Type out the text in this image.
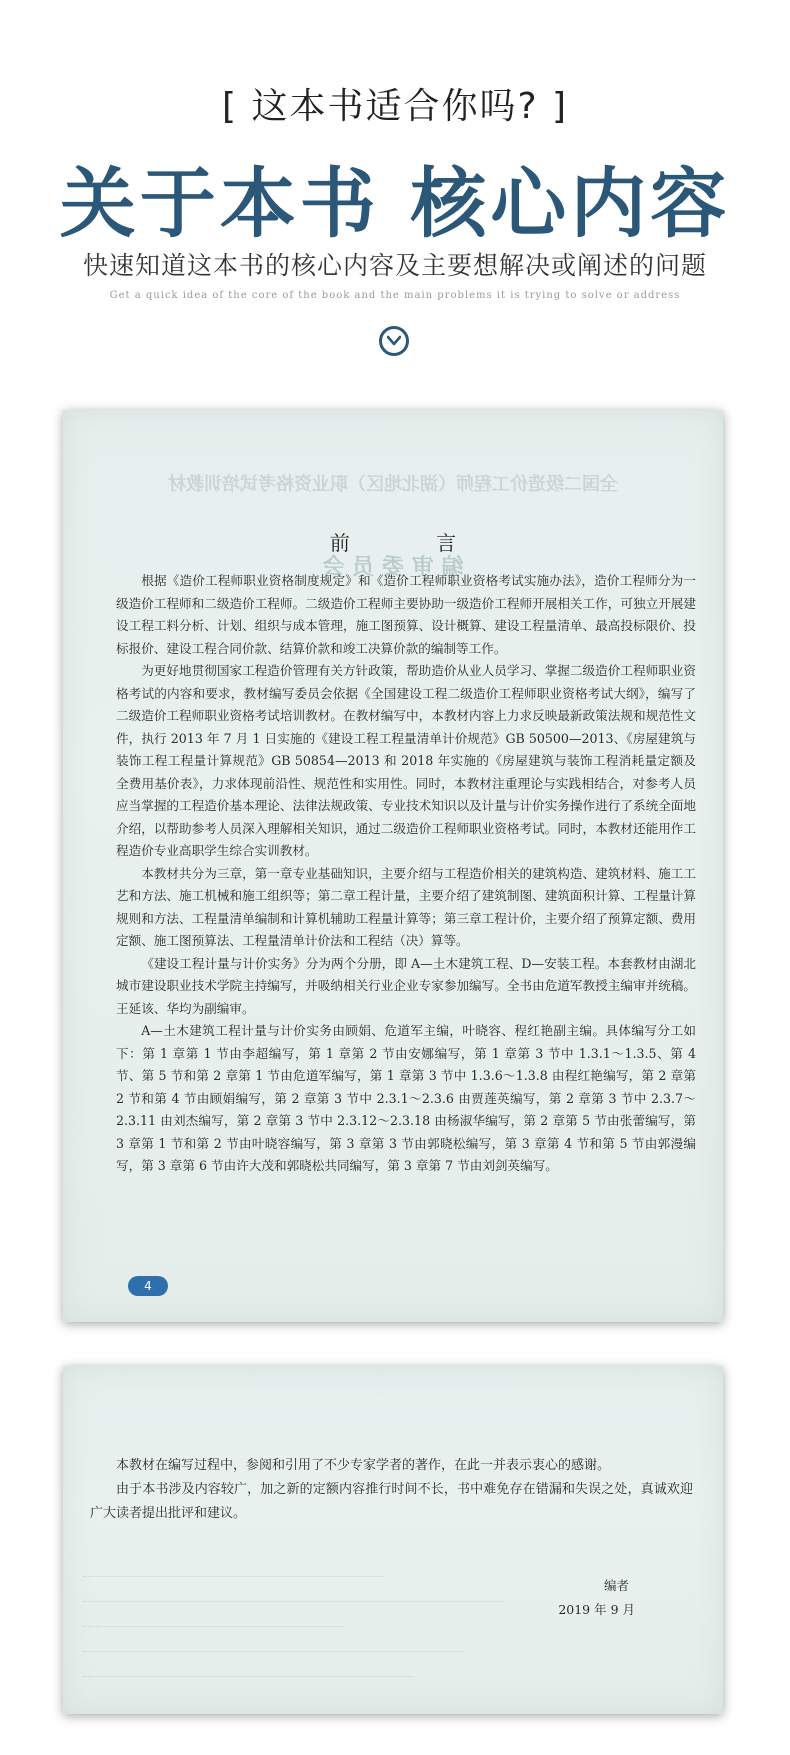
[ 这本书适合你吗? ]
关于本书 核心内容
快速知道这本书的核心内容及主要想解决或阐述的问题
Get a quick idea of the core of the book and the main problems it is trying to solve or address
全国二级造价工程师（湖北地区）职业资格考试培训教材
编 审 委 员 会
前 言

根据《造价工程师职业资格制度规定》和《造价工程师职业资格考试实施办法》，造价工程师分为一级造价工程师和二级造价工程师。二级造价工程师主要协助一级造价工程师开展相关工作，可独立开展建设工程工料分析、计划、组织与成本管理，施工图预算、设计概算、建设工程量清单、最高投标限价、投标报价、建设工程合同价款、结算价款和竣工决算价款的编制等工作。

为更好地贯彻国家工程造价管理有关方针政策，帮助造价从业人员学习、掌握二级造价工程师职业资格考试的内容和要求，教材编写委员会依据《全国建设工程二级造价工程师职业资格考试大纲》，编写了二级造价工程师职业资格考试培训教材。在教材编写中，本教材内容上力求反映最新政策法规和规范性文件，执行 2013 年 7 月 1 日实施的《建设工程工程量清单计价规范》GB 50500—2013、《房屋建筑与装饰工程工程量计算规范》GB 50854—2013 和 2018 年实施的《房屋建筑与装饰工程消耗量定额及全费用基价表》，力求体现前沿性、规范性和实用性。同时，本教材注重理论与实践相结合，对参考人员应当掌握的工程造价基本理论、法律法规政策、专业技术知识以及计量与计价实务操作进行了系统全面地介绍，以帮助参考人员深入理解相关知识，通过二级造价工程师职业资格考试。同时，本教材还能用作工程造价专业高职学生综合实训教材。

本教材共分为三章，第一章专业基础知识，主要介绍与工程造价相关的建筑构造、建筑材料、施工工艺和方法、施工机械和施工组织等；第二章工程计量，主要介绍了建筑制图、建筑面积计算、工程量计算规则和方法、工程量清单编制和计算机辅助工程量计算等；第三章工程计价，主要介绍了预算定额、费用定额、施工图预算法、工程量清单计价法和工程结（决）算等。

《建设工程计量与计价实务》分为两个分册，即 A—土木建筑工程、D—安装工程。本套教材由湖北城市建设职业技术学院主持编写，并吸纳相关行业企业专家参加编写。全书由危道军教授主编审并统稿。王延该、华均为副编审。

A—土木建筑工程计量与计价实务由顾娟、危道军主编，叶晓容、程红艳副主编。具体编写分工如下：第 1 章第 1 节由李超编写，第 1 章第 2 节由安娜编写，第 1 章第 3 节中 1.3.1～1.3.5、第 4 节、第 5 节和第 2 章第 1 节由危道军编写，第 1 章第 3 节中 1.3.6～1.3.8 由程红艳编写，第 2 章第 2 节和第 4 节由顾娟编写，第 2 章第 3 节中 2.3.1～2.3.6 由贾莲英编写，第 2 章第 3 节中 2.3.7～2.3.11 由刘杰编写，第 2 章第 3 节中 2.3.12～2.3.18 由杨淑华编写，第 2 章第 5 节由张蕾编写，第 3 章第 1 节和第 2 节由叶晓容编写，第 3 章第 3 节由郭晓松编写，第 3 章第 4 节和第 5 节由郭漫编写，第 3 章第 6 节由许大茂和郭晓松共同编写，第 3 章第 7 节由刘剑英编写。

4

本教材在编写过程中，参阅和引用了不少专家学者的著作，在此一并表示衷心的感谢。

由于本书涉及内容较广，加之新的定额内容推行时间不长，书中难免存在错漏和失误之处，真诚欢迎广大读者提出批评和建议。

编者
2019 年 9 月
